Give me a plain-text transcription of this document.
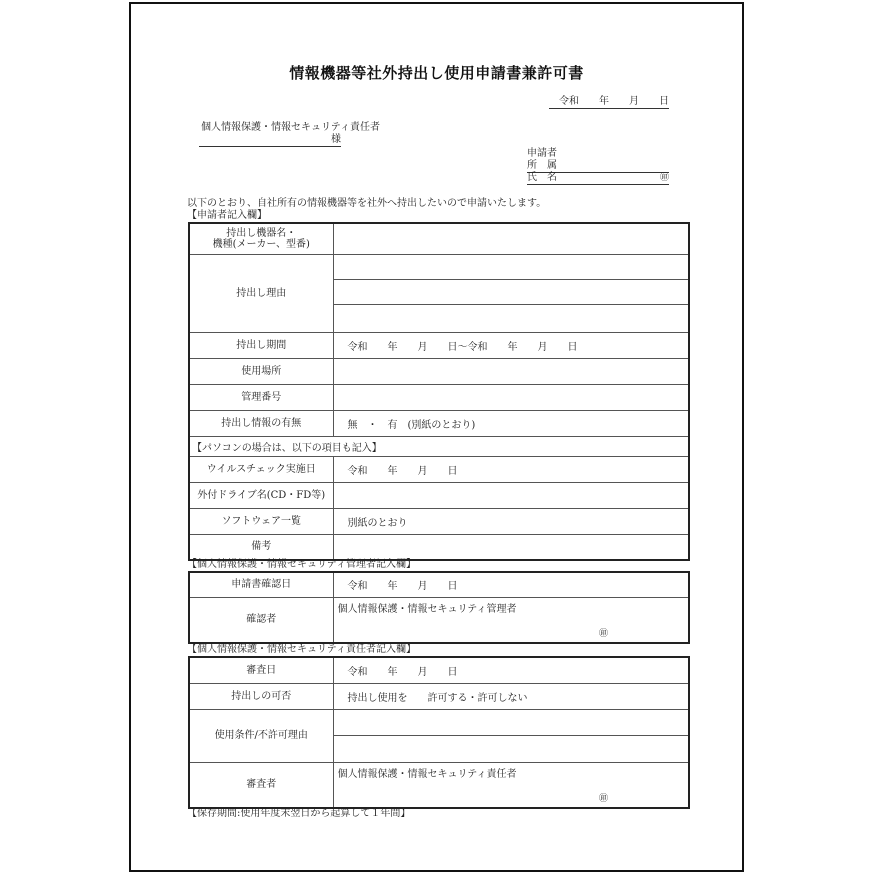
情報機器等社外持出し使用申請書兼許可書
令和　　年　　月　　日
個人情報保護・情報セキュリティ責任者
様
申請者
所　属
氏　名	㊞
以下のとおり、自社所有の情報機器等を社外へ持出したいので申請いたします。
【申請者記入欄】
持出し機器名・
機種(メーカー、型番)	

持出し理由	

持出し期間	令和　　年　　月　　日～令和　　年　　月　　日
使用場所	
管理番号	
持出し情報の有無	無　・　有　(別紙のとおり)
【パソコンの場合は、以下の項目も記入】	
ウイルスチェック実施日	令和　　年　　月　　日
外付ドライブ名(CD・FD等)	
ソフトウェア一覧	別紙のとおり
備考	
【個人情報保護・情報セキュリティ管理者記入欄】
申請書確認日	令和　　年　　月　　日
確認者	個人情報保護・情報セキュリティ管理者
㊞
【個人情報保護・情報セキュリティ責任者記入欄】
審査日	令和　　年　　月　　日
持出しの可否	持出し使用を　　許可する・許可しない
使用条件/不許可理由	

審査者	個人情報保護・情報セキュリティ責任者
㊞
【保存期間:使用年度末翌日から起算して１年間】
